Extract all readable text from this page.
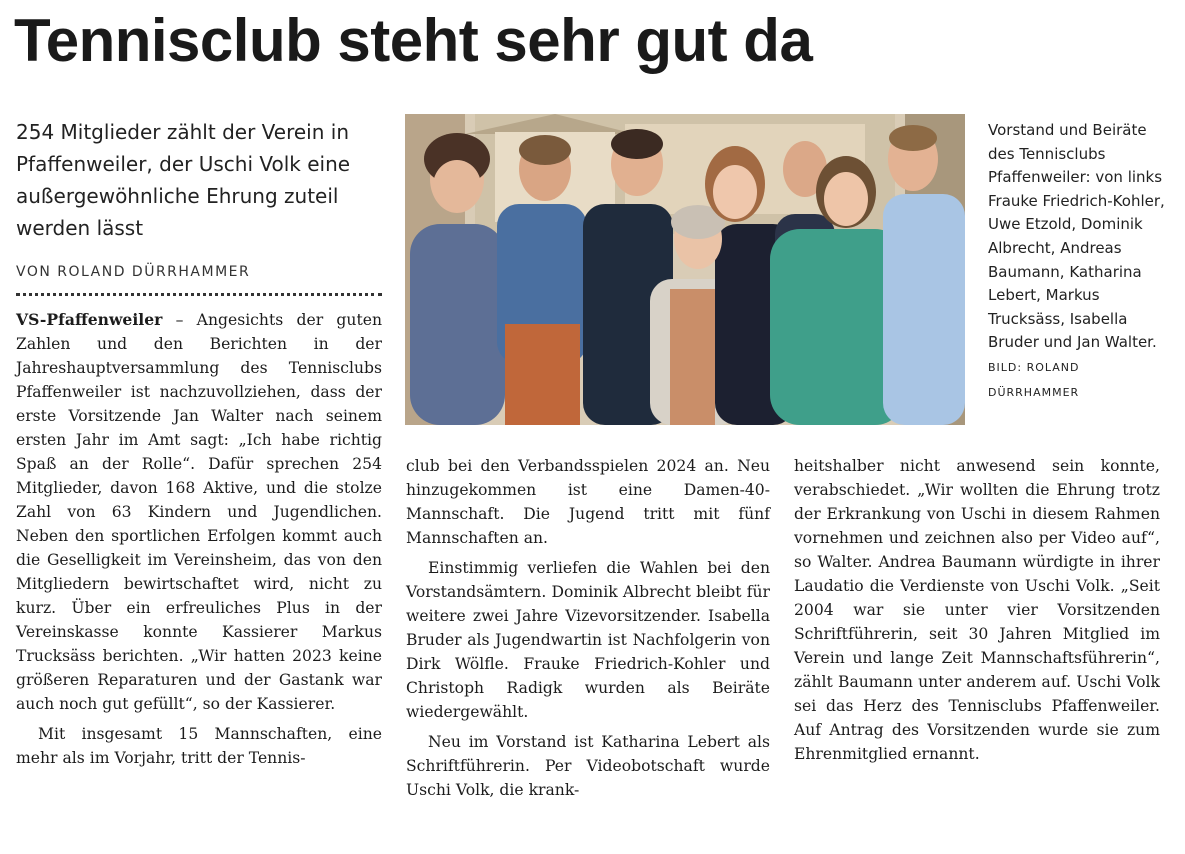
Tennisclub steht sehr gut da
254 Mitglieder zählt der Verein in Pfaffenweiler, der Uschi Volk eine außergewöhnliche Ehrung zuteil werden lässt
VON ROLAND DÜRRHAMMER

VS-Pfaffenweiler – Angesichts der guten Zahlen und den Berichten in der Jahreshauptversammlung des Tennisclubs Pfaffenweiler ist nachzuvollziehen, dass der erste Vorsitzende Jan Walter nach seinem ersten Jahr im Amt sagt: „Ich habe richtig Spaß an der Rolle“. Dafür sprechen 254 Mitglieder, davon 168 Aktive, und die stolze Zahl von 63 Kindern und Jugendlichen. Neben den sportlichen Erfolgen kommt auch die Geselligkeit im Vereinsheim, das von den Mitgliedern bewirtschaftet wird, nicht zu kurz. Über ein erfreuliches Plus in der Vereinskasse konnte Kassierer Markus Trucksäss berichten. „Wir hatten 2023 keine größeren Reparaturen und der Gastank war auch noch gut gefüllt“, so der Kassierer.

Mit insgesamt 15 Mannschaften, eine mehr als im Vorjahr, tritt der Tennis-

Vorstand und Beiräte des Tennisclubs Pfaffenweiler: von links Frauke Friedrich-Kohler, Uwe Etzold, Dominik Albrecht, Andreas Baumann, Katharina Lebert, Markus Trucksäss, Isabella Bruder und Jan Walter. BILD: ROLAND DÜRRHAMMER

club bei den Verbandsspielen 2024 an. Neu hinzugekommen ist eine Damen-40-Mannschaft. Die Jugend tritt mit fünf Mannschaften an.

Einstimmig verliefen die Wahlen bei den Vorstandsämtern. Dominik Albrecht bleibt für weitere zwei Jahre Vizevorsitzender. Isabella Bruder als Jugendwartin ist Nachfolgerin von Dirk Wölfle. Frauke Friedrich-Kohler und Christoph Radigk wurden als Beiräte wiedergewählt.

Neu im Vorstand ist Katharina Lebert als Schriftführerin. Per Videobotschaft wurde Uschi Volk, die krank-

heitshalber nicht anwesend sein konnte, verabschiedet. „Wir wollten die Ehrung trotz der Erkrankung von Uschi in diesem Rahmen vornehmen und zeichnen also per Video auf“, so Walter. Andrea Baumann würdigte in ihrer Laudatio die Verdienste von Uschi Volk. „Seit 2004 war sie unter vier Vorsitzenden Schriftführerin, seit 30 Jahren Mitglied im Verein und lange Zeit Mannschaftsführerin“, zählt Baumann unter anderem auf. Uschi Volk sei das Herz des Tennisclubs Pfaffenweiler. Auf Antrag des Vorsitzenden wurde sie zum Ehrenmitglied ernannt.
